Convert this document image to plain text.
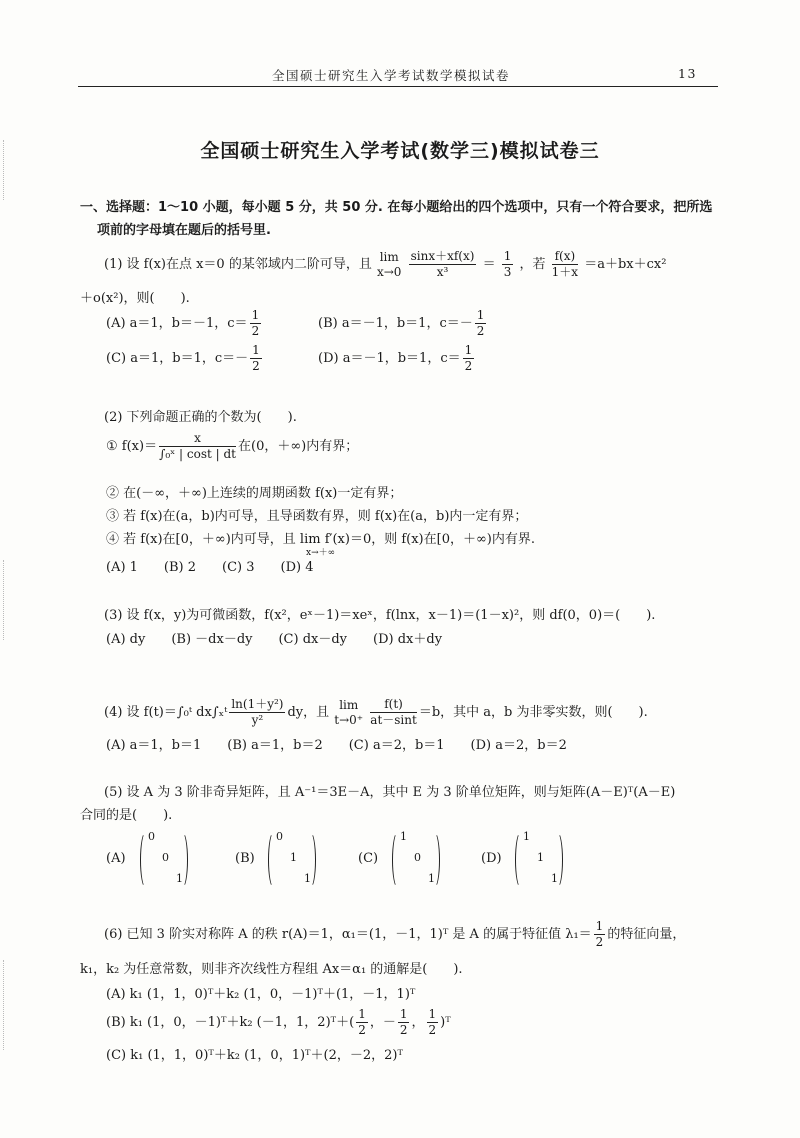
全国硕士研究生入学考试数学模拟试卷	13
全国硕士研究生入学考试(数学三)模拟试卷三
一、选择题：1～10 小题，每小题 5 分，共 50 分. 在每小题给出的四个选项中，只有一个符合要求，把所选
项前的字母填在题后的括号里.
(1) 设 f(x)在点 x＝0 的某邻域内二阶可导，且
lim
x→0
$\frac{\sin x+xf(x)}{\text{x³}} = \frac{1}{3}$ ，若 $\frac{f(x)}{1+x} =a+bx+cx^2$
＋o(x²)，则(　　).
(A) a＝1，b＝－1，$c= \frac{1}{2}$	(B) a＝－1，b＝1，$c=- \frac{1}{2}$
(C) a＝1，b＝1，$c=- \frac{1}{2}$	(D) a＝－1，b＝1，$c= \frac{1}{2}$
(2) 下列命题正确的个数为(　　).
① $f(x)= \frac{x}{\text{∫₀ˣ | cost | dt}}$ 在(0，＋∞)内有界；
② 在(－∞，＋∞)上连续的周期函数 f(x)一定有界；
③ 若 f(x)在(a，b)内可导，且导函数有界，则 f(x)在(a，b)内一定有界；
④ 若 f(x)在[0，＋∞)内可导，且 lim f′(x)＝0，则 f(x)在[0，＋∞)内有界.
x→＋∞
(A) 1　　(B) 2　　(C) 3　　(D) 4
(3) 设 f(x，y)为可微函数，f(x²，eˣ－1)＝xeˣ，f(lnx，x－1)＝(1－x)²，则 df(0，0)＝(　　).
(A) dy　　(B) －dx－dy　　(C) dx－dy　　(D) dx＋dy
(4) 设 f(t)＝∫₀ᵗ dx∫ₓᵗ $\frac{\text{ln(1＋y²)}}{\text{y²}}$ dy，且
lim
t→0⁺
$\frac{f(t)}{at-\sin t} =b$，其中 a，b 为非零实数，则(　　).
(A) a＝1，b＝1　　(B) a＝1，b＝2　　(C) a＝2，b＝1　　(D) a＝2，b＝2
(5) 设 A 为 3 阶非奇异矩阵，且 A⁻¹＝3E－A，其中 E 为 3 阶单位矩阵，则与矩阵(A－E)ᵀ(A－E)
合同的是(　　).
(A)
0
0
1
(B)
0
1
1
(C)
1
0
1
(D)
1
1
1
(6) 已知 3 阶实对称阵 A 的秩 r(A)＝1，α₁＝(1，－1，1)ᵀ 是 A 的属于特征值 $\lambda_1= \frac{1}{2}$ 的特征向量，
k₁，k₂ 为任意常数，则非齐次线性方程组 Ax＝α₁ 的通解是(　　).
(A) k₁ (1，1，0)ᵀ＋k₂ (1，0，－1)ᵀ＋(1，－1，1)ᵀ
(B) k₁ (1，0，－1)ᵀ＋k₂ (－1，1，2)ᵀ＋( $\frac{1}{2}$ ，－ $\frac{1}{2}$ ， $\frac{1}{2}$ )ᵀ
(C) k₁ (1，1，0)ᵀ＋k₂ (1，0，1)ᵀ＋(2，－2，2)ᵀ
